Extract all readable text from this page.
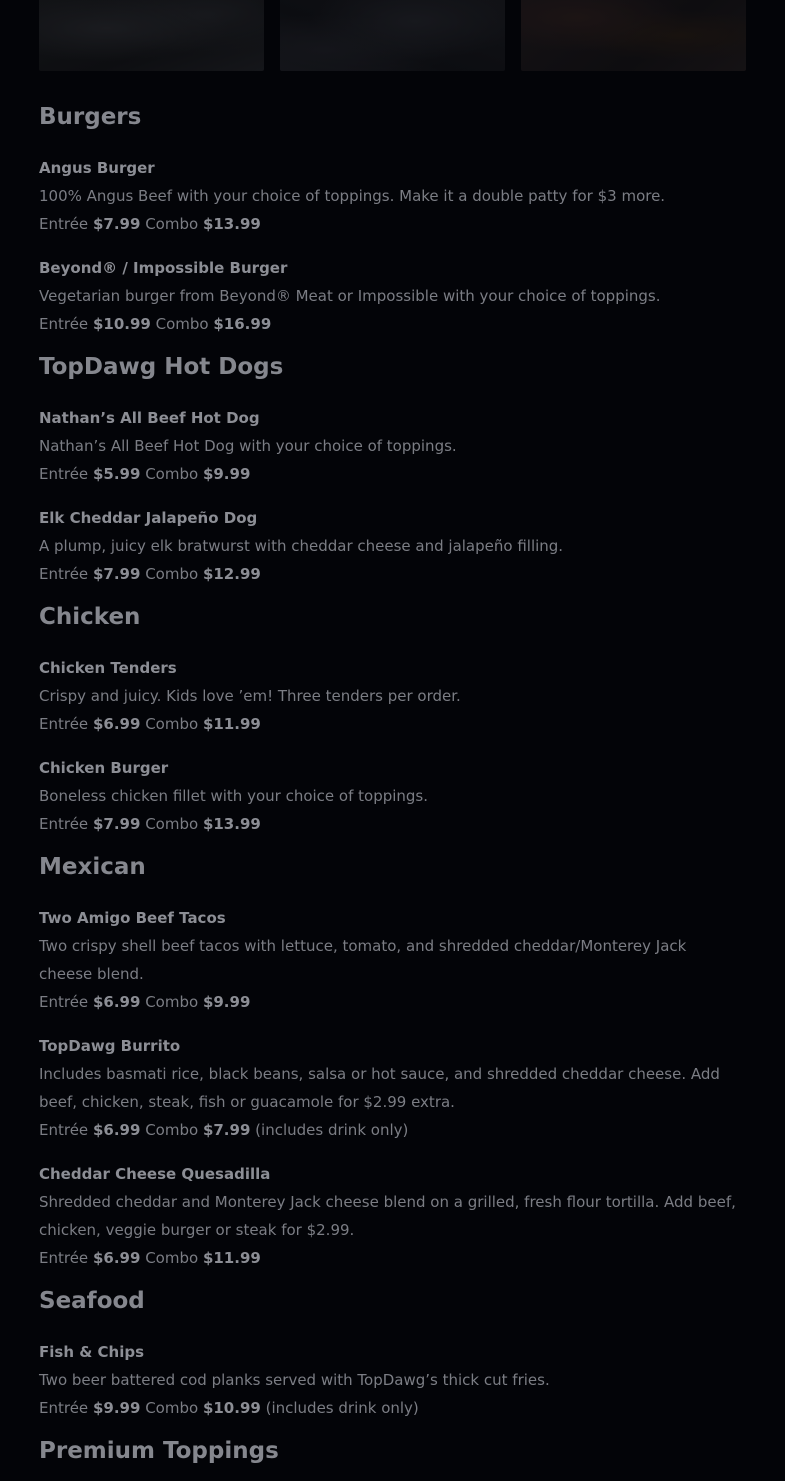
Burgers
Angus Burger
100% Angus Beef with your choice of toppings. Make it a double patty for $3 more.
Entrée $7.99 Combo $13.99
Beyond® / Impossible Burger
Vegetarian burger from Beyond® Meat or Impossible with your choice of toppings.
Entrée $10.99 Combo $16.99
TopDawg Hot Dogs
Nathan’s All Beef Hot Dog
Nathan’s All Beef Hot Dog with your choice of toppings.
Entrée $5.99 Combo $9.99
Elk Cheddar Jalapeño Dog
A plump, juicy elk bratwurst with cheddar cheese and jalapeño filling.
Entrée $7.99 Combo $12.99
Chicken
Chicken Tenders
Crispy and juicy. Kids love ’em! Three tenders per order.
Entrée $6.99 Combo $11.99
Chicken Burger
Boneless chicken fillet with your choice of toppings.
Entrée $7.99 Combo $13.99
Mexican
Two Amigo Beef Tacos
Two crispy shell beef tacos with lettuce, tomato, and shredded cheddar/Monterey Jack cheese blend.
Entrée $6.99 Combo $9.99
TopDawg Burrito
Includes basmati rice, black beans, salsa or hot sauce, and shredded cheddar cheese. Add beef, chicken, steak, fish or guacamole for $2.99 extra.
Entrée $6.99 Combo $7.99 (includes drink only)
Cheddar Cheese Quesadilla
Shredded cheddar and Monterey Jack cheese blend on a grilled, fresh flour tortilla. Add beef, chicken, veggie burger or steak for $2.99.
Entrée $6.99 Combo $11.99
Seafood
Fish & Chips
Two beer battered cod planks served with TopDawg’s thick cut fries.
Entrée $9.99 Combo $10.99 (includes drink only)
Premium Toppings
